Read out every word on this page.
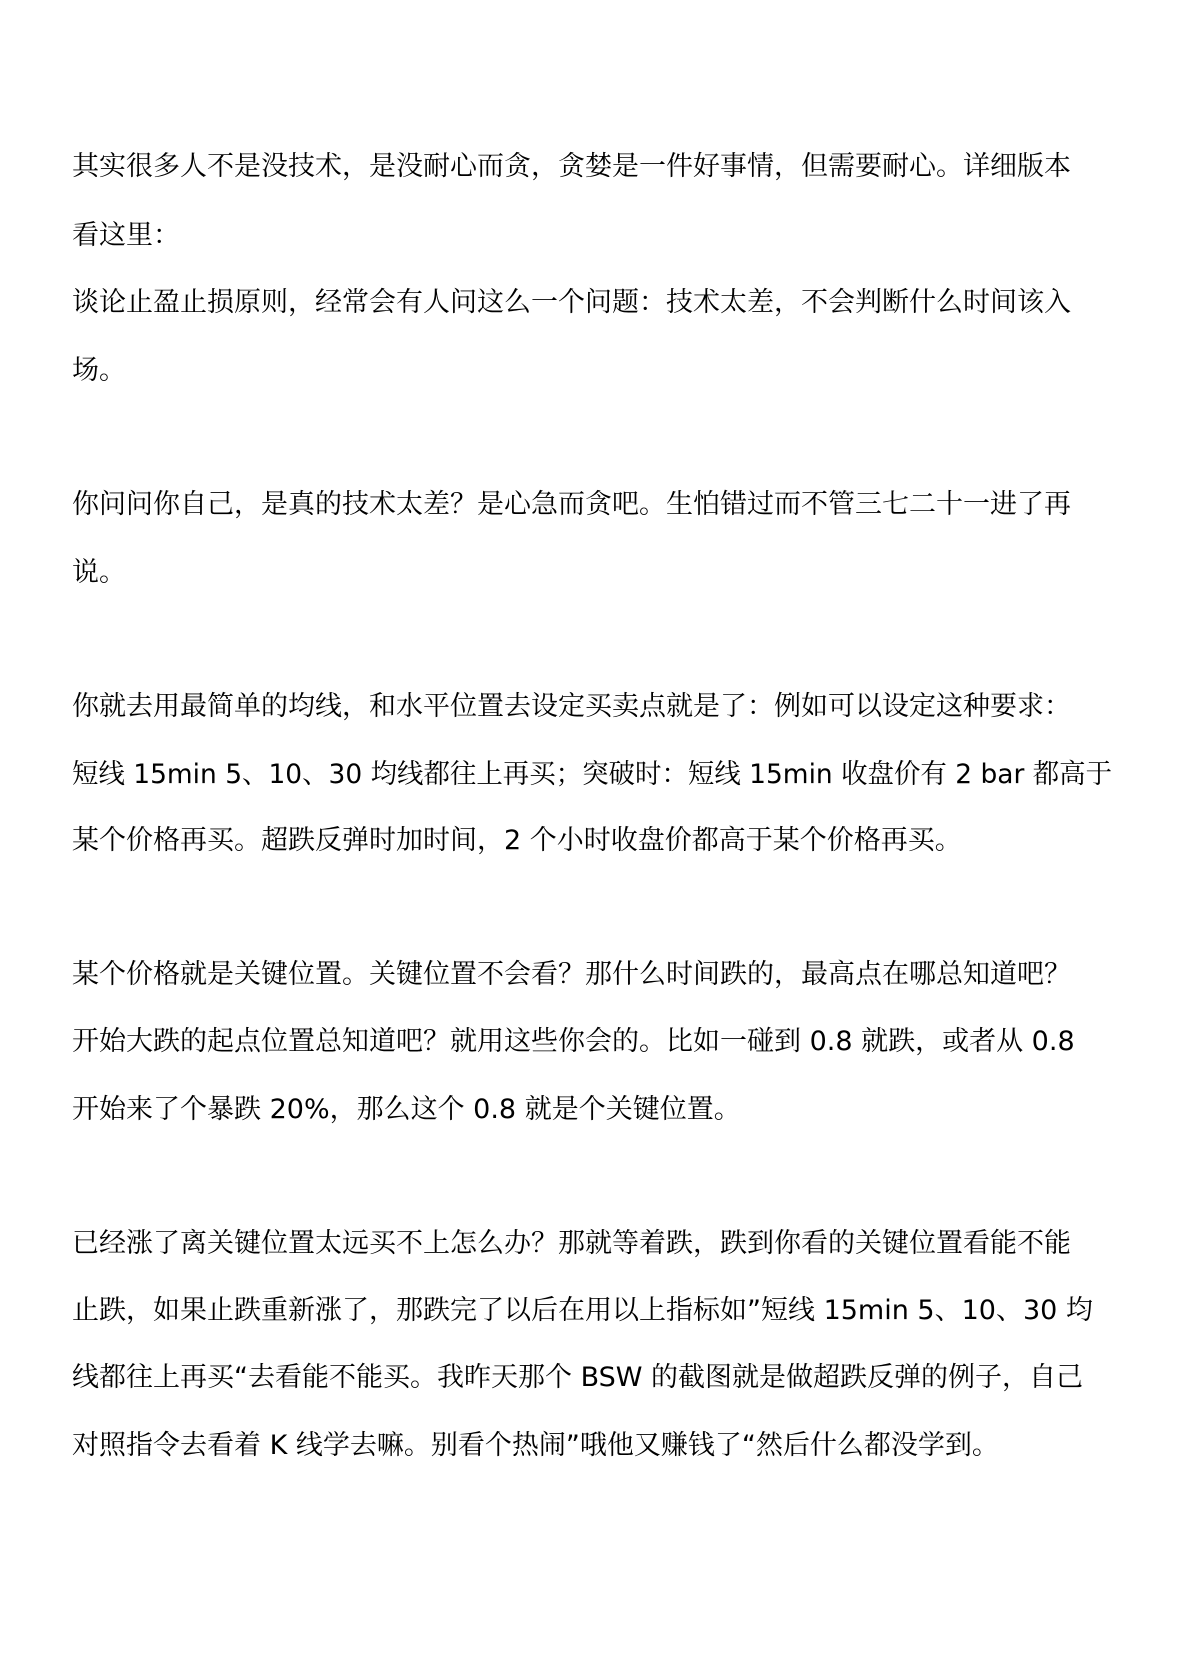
其实很多人不是没技术，是没耐心而贪，贪婪是一件好事情，但需要耐心。详细版本
看这里：
谈论止盈止损原则，经常会有人问这么一个问题：技术太差，不会判断什么时间该入
场。
你问问你自己，是真的技术太差？是心急而贪吧。生怕错过而不管三七二十一进了再
说。
你就去用最简单的均线，和水平位置去设定买卖点就是了：例如可以设定这种要求：
短线 15min 5、10、30 均线都往上再买；突破时：短线 15min 收盘价有 2 bar 都高于
某个价格再买。超跌反弹时加时间，2 个小时收盘价都高于某个价格再买。
某个价格就是关键位置。关键位置不会看？那什么时间跌的，最高点在哪总知道吧？
开始大跌的起点位置总知道吧？就用这些你会的。比如一碰到 0.8 就跌，或者从 0.8
开始来了个暴跌 20%，那么这个 0.8 就是个关键位置。
已经涨了离关键位置太远买不上怎么办？那就等着跌，跌到你看的关键位置看能不能
止跌，如果止跌重新涨了，那跌完了以后在用以上指标如”短线 15min 5、10、30 均
线都往上再买“去看能不能买。我昨天那个 BSW 的截图就是做超跌反弹的例子，自己
对照指令去看着 K 线学去嘛。别看个热闹”哦他又赚钱了“然后什么都没学到。
